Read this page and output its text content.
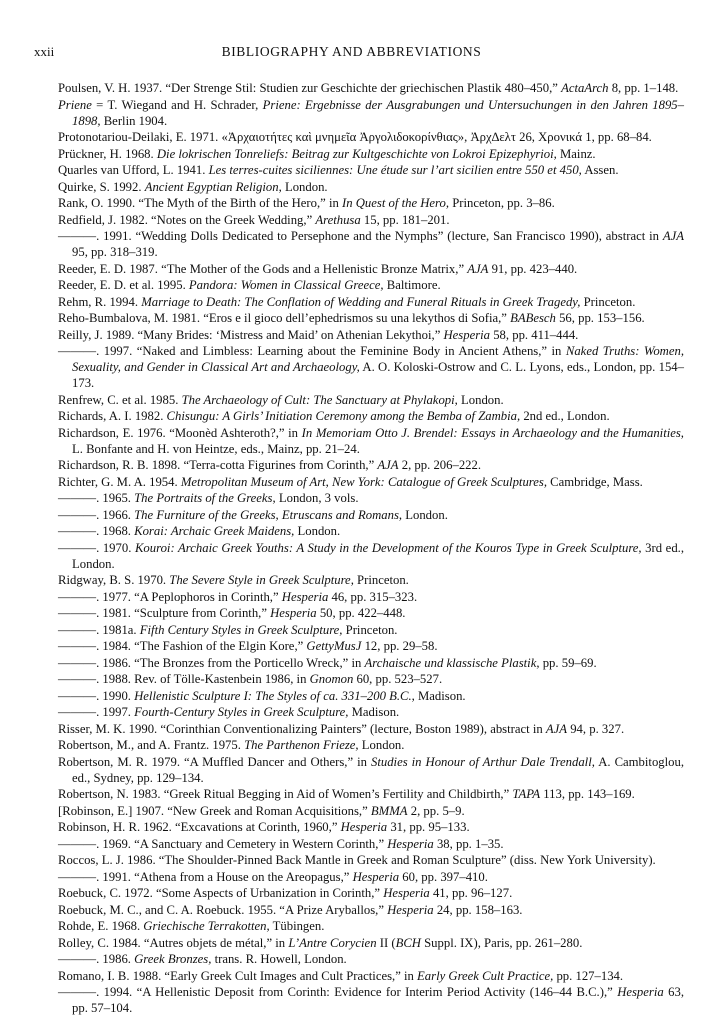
xxii	BIBLIOGRAPHY AND ABBREVIATIONS

Poulsen, V. H. 1937. “Der Strenge Stil: Studien zur Geschichte der griechischen Plastik 480–450,” ActaArch 8, pp. 1–148.

Priene = T. Wiegand and H. Schrader, Priene: Ergebnisse der Ausgrabungen und Untersuchungen in den Jahren 1895–1898, Berlin 1904.

Protonotariou-Deilaki, E. 1971. «Ἀρχαιοτήτες καὶ μνημεῖα Ἀργολιδοκορίνθιας», Ἀρχ∆ελτ 26, Χρονικά 1, pp. 68–84.

Prückner, H. 1968. Die lokrischen Tonreliefs: Beitrag zur Kultgeschichte von Lokroi Epizephyrioi, Mainz.

Quarles van Ufford, L. 1941. Les terres-cuites siciliennes: Une étude sur l’art sicilien entre 550 et 450, Assen.

Quirke, S. 1992. Ancient Egyptian Religion, London.

Rank, O. 1990. “The Myth of the Birth of the Hero,” in In Quest of the Hero, Princeton, pp. 3–86.

Redfield, J. 1982. “Notes on the Greek Wedding,” Arethusa 15, pp. 181–201.

———. 1991. “Wedding Dolls Dedicated to Persephone and the Nymphs” (lecture, San Francisco 1990), abstract in AJA 95, pp. 318–319.

Reeder, E. D. 1987. “The Mother of the Gods and a Hellenistic Bronze Matrix,” AJA 91, pp. 423–440.

Reeder, E. D. et al. 1995. Pandora: Women in Classical Greece, Baltimore.

Rehm, R. 1994. Marriage to Death: The Conflation of Wedding and Funeral Rituals in Greek Tragedy, Princeton.

Reho-Bumbalova, M. 1981. “Eros e il gioco dell’ephedrismos su una lekythos di Sofia,” BABesch 56, pp. 153–156.

Reilly, J. 1989. “Many Brides: ‘Mistress and Maid’ on Athenian Lekythoi,” Hesperia 58, pp. 411–444.

———. 1997. “Naked and Limbless: Learning about the Feminine Body in Ancient Athens,” in Naked Truths: Women, Sexuality, and Gender in Classical Art and Archaeology, A. O. Koloski-Ostrow and C. L. Lyons, eds., London, pp. 154–173.

Renfrew, C. et al. 1985. The Archaeology of Cult: The Sanctuary at Phylakopi, London.

Richards, A. I. 1982. Chisungu: A Girls’ Initiation Ceremony among the Bemba of Zambia, 2nd ed., London.

Richardson, E. 1976. “Moonèd Ashteroth?,” in In Memoriam Otto J. Brendel: Essays in Archaeology and the Humanities, L. Bonfante and H. von Heintze, eds., Mainz, pp. 21–24.

Richardson, R. B. 1898. “Terra-cotta Figurines from Corinth,” AJA 2, pp. 206–222.

Richter, G. M. A. 1954. Metropolitan Museum of Art, New York: Catalogue of Greek Sculptures, Cambridge, Mass.

———. 1965. The Portraits of the Greeks, London, 3 vols.

———. 1966. The Furniture of the Greeks, Etruscans and Romans, London.

———. 1968. Korai: Archaic Greek Maidens, London.

———. 1970. Kouroi: Archaic Greek Youths: A Study in the Development of the Kouros Type in Greek Sculpture, 3rd ed., London.

Ridgway, B. S. 1970. The Severe Style in Greek Sculpture, Princeton.

———. 1977. “A Peplophoros in Corinth,” Hesperia 46, pp. 315–323.

———. 1981. “Sculpture from Corinth,” Hesperia 50, pp. 422–448.

———. 1981a. Fifth Century Styles in Greek Sculpture, Princeton.

———. 1984. “The Fashion of the Elgin Kore,” GettyMusJ 12, pp. 29–58.

———. 1986. “The Bronzes from the Porticello Wreck,” in Archaische und klassische Plastik, pp. 59–69.

———. 1988. Rev. of Tölle-Kastenbein 1986, in Gnomon 60, pp. 523–527.

———. 1990. Hellenistic Sculpture I: The Styles of ca. 331–200 B.C., Madison.

———. 1997. Fourth-Century Styles in Greek Sculpture, Madison.

Risser, M. K. 1990. “Corinthian Conventionalizing Painters” (lecture, Boston 1989), abstract in AJA 94, p. 327.

Robertson, M., and A. Frantz. 1975. The Parthenon Frieze, London.

Robertson, M. R. 1979. “A Muffled Dancer and Others,” in Studies in Honour of Arthur Dale Trendall, A. Cambitoglou, ed., Sydney, pp. 129–134.

Robertson, N. 1983. “Greek Ritual Begging in Aid of Women’s Fertility and Childbirth,” TAPA 113, pp. 143–169.

[Robinson, E.] 1907. “New Greek and Roman Acquisitions,” BMMA 2, pp. 5–9.

Robinson, H. R. 1962. “Excavations at Corinth, 1960,” Hesperia 31, pp. 95–133.

———. 1969. “A Sanctuary and Cemetery in Western Corinth,” Hesperia 38, pp. 1–35.

Roccos, L. J. 1986. “The Shoulder-Pinned Back Mantle in Greek and Roman Sculpture” (diss. New York University).

———. 1991. “Athena from a House on the Areopagus,” Hesperia 60, pp. 397–410.

Roebuck, C. 1972. “Some Aspects of Urbanization in Corinth,” Hesperia 41, pp. 96–127.

Roebuck, M. C., and C. A. Roebuck. 1955. “A Prize Aryballos,” Hesperia 24, pp. 158–163.

Rohde, E. 1968. Griechische Terrakotten, Tübingen.

Rolley, C. 1984. “Autres objets de métal,” in L’Antre Corycien II (BCH Suppl. IX), Paris, pp. 261–280.

———. 1986. Greek Bronzes, trans. R. Howell, London.

Romano, I. B. 1988. “Early Greek Cult Images and Cult Practices,” in Early Greek Cult Practice, pp. 127–134.

———. 1994. “A Hellenistic Deposit from Corinth: Evidence for Interim Period Activity (146–44 B.C.),” Hesperia 63, pp. 57–104.
